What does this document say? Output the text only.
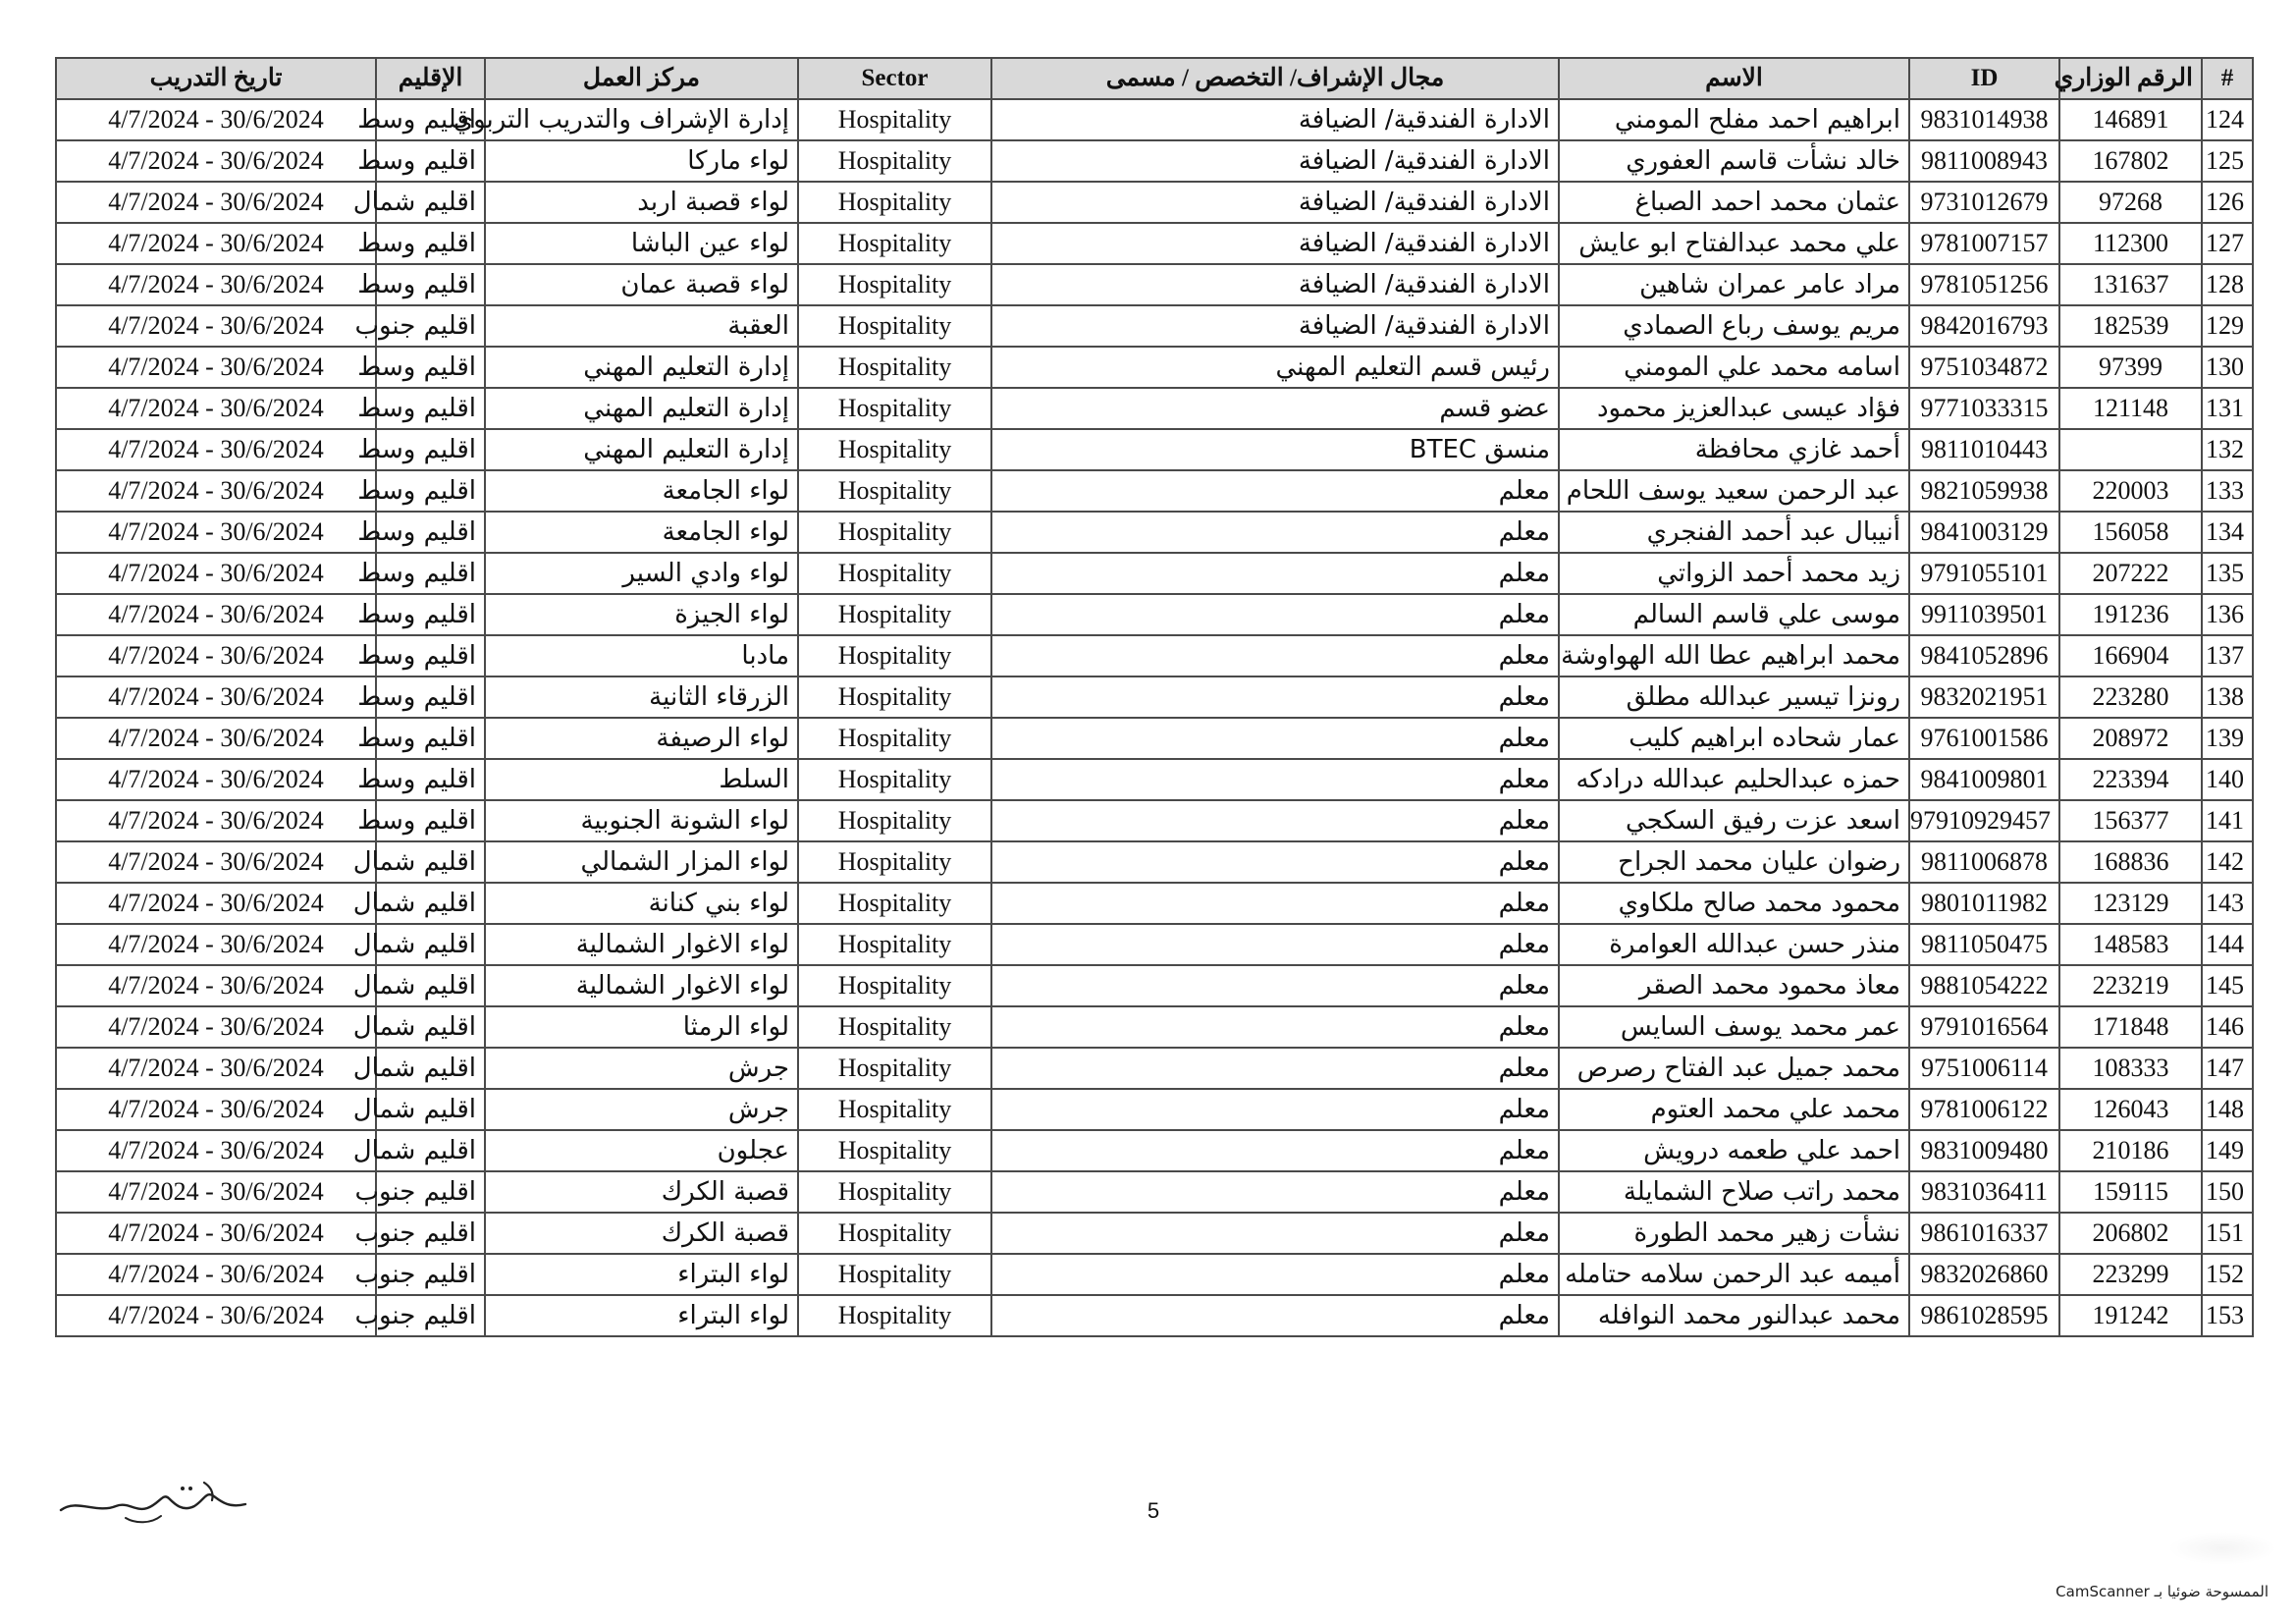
#	الرقم الوزاري	ID	الاسم	مجال الإشراف/ التخصص / مسمى	Sector	مركز العمل	الإقليم	تاريخ التدريب
124	146891	9831014938	ابراهيم احمد مفلح المومني	الادارة الفندقية/ الضيافة	Hospitality	إدارة الإشراف والتدريب التربوي	اقليم وسط	30/6/2024 - 4/7/2024
125	167802	9811008943	خالد نشأت قاسم العفوري	الادارة الفندقية/ الضيافة	Hospitality	لواء ماركا	اقليم وسط	30/6/2024 - 4/7/2024
126	97268	9731012679	عثمان محمد احمد الصباغ	الادارة الفندقية/ الضيافة	Hospitality	لواء قصبة اربد	اقليم شمال	30/6/2024 - 4/7/2024
127	112300	9781007157	علي محمد عبدالفتاح ابو عايش	الادارة الفندقية/ الضيافة	Hospitality	لواء عين الباشا	اقليم وسط	30/6/2024 - 4/7/2024
128	131637	9781051256	مراد عامر عمران شاهين	الادارة الفندقية/ الضيافة	Hospitality	لواء قصبة عمان	اقليم وسط	30/6/2024 - 4/7/2024
129	182539	9842016793	مريم يوسف رباع الصمادي	الادارة الفندقية/ الضيافة	Hospitality	العقبة	اقليم جنوب	30/6/2024 - 4/7/2024
130	97399	9751034872	اسامه محمد علي المومني	رئيس قسم التعليم المهني	Hospitality	إدارة التعليم المهني	اقليم وسط	30/6/2024 - 4/7/2024
131	121148	9771033315	فؤاد عيسى عبدالعزيز محمود	عضو قسم	Hospitality	إدارة التعليم المهني	اقليم وسط	30/6/2024 - 4/7/2024
132		9811010443	أحمد غازي محافظة	منسق BTEC	Hospitality	إدارة التعليم المهني	اقليم وسط	30/6/2024 - 4/7/2024
133	220003	9821059938	عبد الرحمن سعيد يوسف اللحام	معلم	Hospitality	لواء الجامعة	اقليم وسط	30/6/2024 - 4/7/2024
134	156058	9841003129	أنيبال عبد أحمد الفنجري	معلم	Hospitality	لواء الجامعة	اقليم وسط	30/6/2024 - 4/7/2024
135	207222	9791055101	زيد محمد أحمد الزواتي	معلم	Hospitality	لواء وادي السير	اقليم وسط	30/6/2024 - 4/7/2024
136	191236	9911039501	موسى علي قاسم السالم	معلم	Hospitality	لواء الجيزة	اقليم وسط	30/6/2024 - 4/7/2024
137	166904	9841052896	محمد ابراهيم عطا الله الهواوشة	معلم	Hospitality	مادبا	اقليم وسط	30/6/2024 - 4/7/2024
138	223280	9832021951	رونزا تيسير عبدالله مطلق	معلم	Hospitality	الزرقاء الثانية	اقليم وسط	30/6/2024 - 4/7/2024
139	208972	9761001586	عمار شحاده ابراهيم كليب	معلم	Hospitality	لواء الرصيفة	اقليم وسط	30/6/2024 - 4/7/2024
140	223394	9841009801	حمزه عبدالحليم عبدالله درادكه	معلم	Hospitality	السلط	اقليم وسط	30/6/2024 - 4/7/2024
141	156377	97910929457	اسعد عزت رفيق السكجي	معلم	Hospitality	لواء الشونة الجنوبية	اقليم وسط	30/6/2024 - 4/7/2024
142	168836	9811006878	رضوان عليان محمد الجراح	معلم	Hospitality	لواء المزار الشمالي	اقليم شمال	30/6/2024 - 4/7/2024
143	123129	9801011982	محمود محمد صالح ملكاوي	معلم	Hospitality	لواء بني كنانة	اقليم شمال	30/6/2024 - 4/7/2024
144	148583	9811050475	منذر حسن عبدالله العوامرة	معلم	Hospitality	لواء الاغوار الشمالية	اقليم شمال	30/6/2024 - 4/7/2024
145	223219	9881054222	معاذ محمود محمد الصقر	معلم	Hospitality	لواء الاغوار الشمالية	اقليم شمال	30/6/2024 - 4/7/2024
146	171848	9791016564	عمر محمد يوسف السايس	معلم	Hospitality	لواء الرمثا	اقليم شمال	30/6/2024 - 4/7/2024
147	108333	9751006114	محمد جميل عبد الفتاح رصرص	معلم	Hospitality	جرش	اقليم شمال	30/6/2024 - 4/7/2024
148	126043	9781006122	محمد علي محمد العتوم	معلم	Hospitality	جرش	اقليم شمال	30/6/2024 - 4/7/2024
149	210186	9831009480	احمد علي طعمه درويش	معلم	Hospitality	عجلون	اقليم شمال	30/6/2024 - 4/7/2024
150	159115	9831036411	محمد راتب صلاح الشمايلة	معلم	Hospitality	قصبة الكرك	اقليم جنوب	30/6/2024 - 4/7/2024
151	206802	9861016337	نشأت زهير محمد الطورة	معلم	Hospitality	قصبة الكرك	اقليم جنوب	30/6/2024 - 4/7/2024
152	223299	9832026860	أميمه عبد الرحمن سلامه حتامله	معلم	Hospitality	لواء البتراء	اقليم جنوب	30/6/2024 - 4/7/2024
153	191242	9861028595	محمد عبدالنور محمد النوافله	معلم	Hospitality	لواء البتراء	اقليم جنوب	30/6/2024 - 4/7/2024
5
الممسوحة ضوئيا بـ CamScanner
